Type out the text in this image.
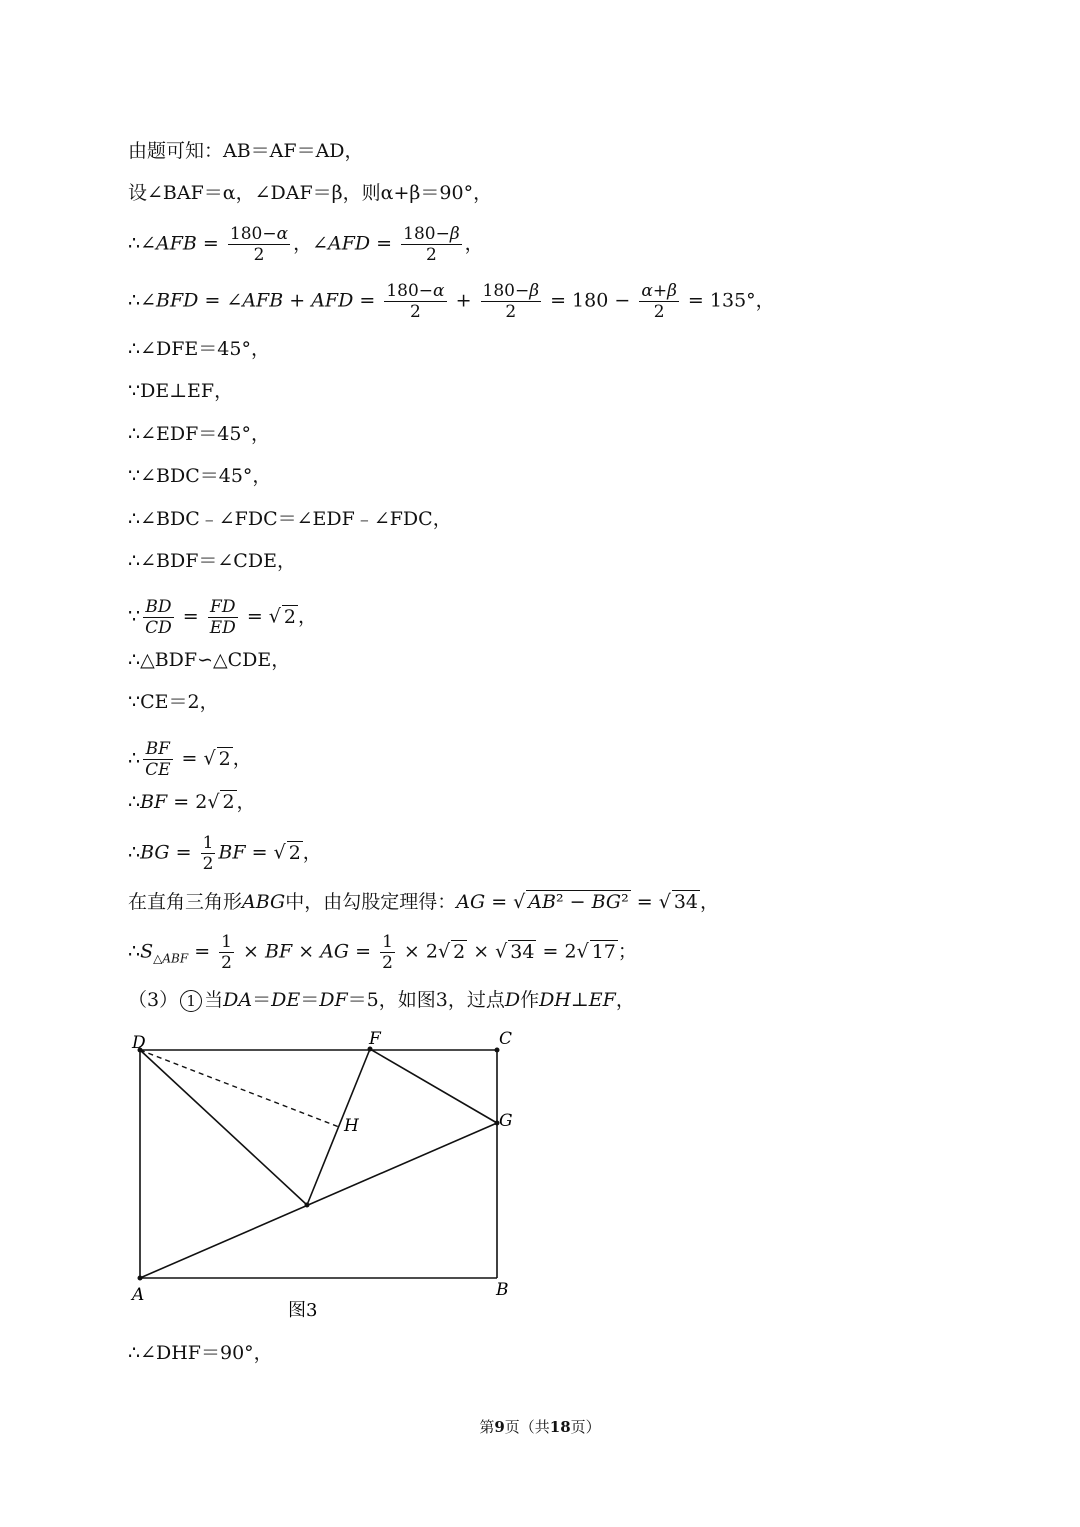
由题可知：AB＝AF＝AD，
设∠BAF＝α，∠DAF＝β，则α+β＝90°，
∴∠AFB = $\frac{180-\alpha}{2}$ ，∠AFD = $\frac{180-\beta}{2}$ ，
∴∠BFD = ∠AFB + AFD = $\frac{180-\alpha}{2} + \frac{180-\beta}{2} = 180 - \frac{\alpha+\beta}{2} = 135^\circ$，
∴∠DFE＝45°，
∵DE⊥EF，
∴∠EDF＝45°，
∵∠BDC＝45°，
∴∠BDC﹣∠FDC＝∠EDF﹣∠FDC，
∴∠BDF＝∠CDE，
∵ $\frac{BD}{CD} = \frac{FD}{ED}$ = √ 2 ，
∴△BDF∽△CDE，
∵CE＝2，
∴ $\frac{BF}{CE}$ = √ 2 ，
∴BF = 2√ 2 ，
∴BG = $\frac{1}{2}$ BF = √ 2 ，
在直角三角形ABG中，由勾股定理得：AG = √ AB² − BG² = √ 34 ，
$\therefore S_{\triangle ABF} = \frac{1}{2}$ × BF × AG = $\frac{1}{2} \times 2√$ 2 × √ 34 = 2√ 17 ；
（3） 1 当DA＝DE＝DF＝5，如图3，过点D作DH⊥EF，
D	F	C
H	G
A	B
图3
∴∠DHF＝90°，
第9页（共18页）
